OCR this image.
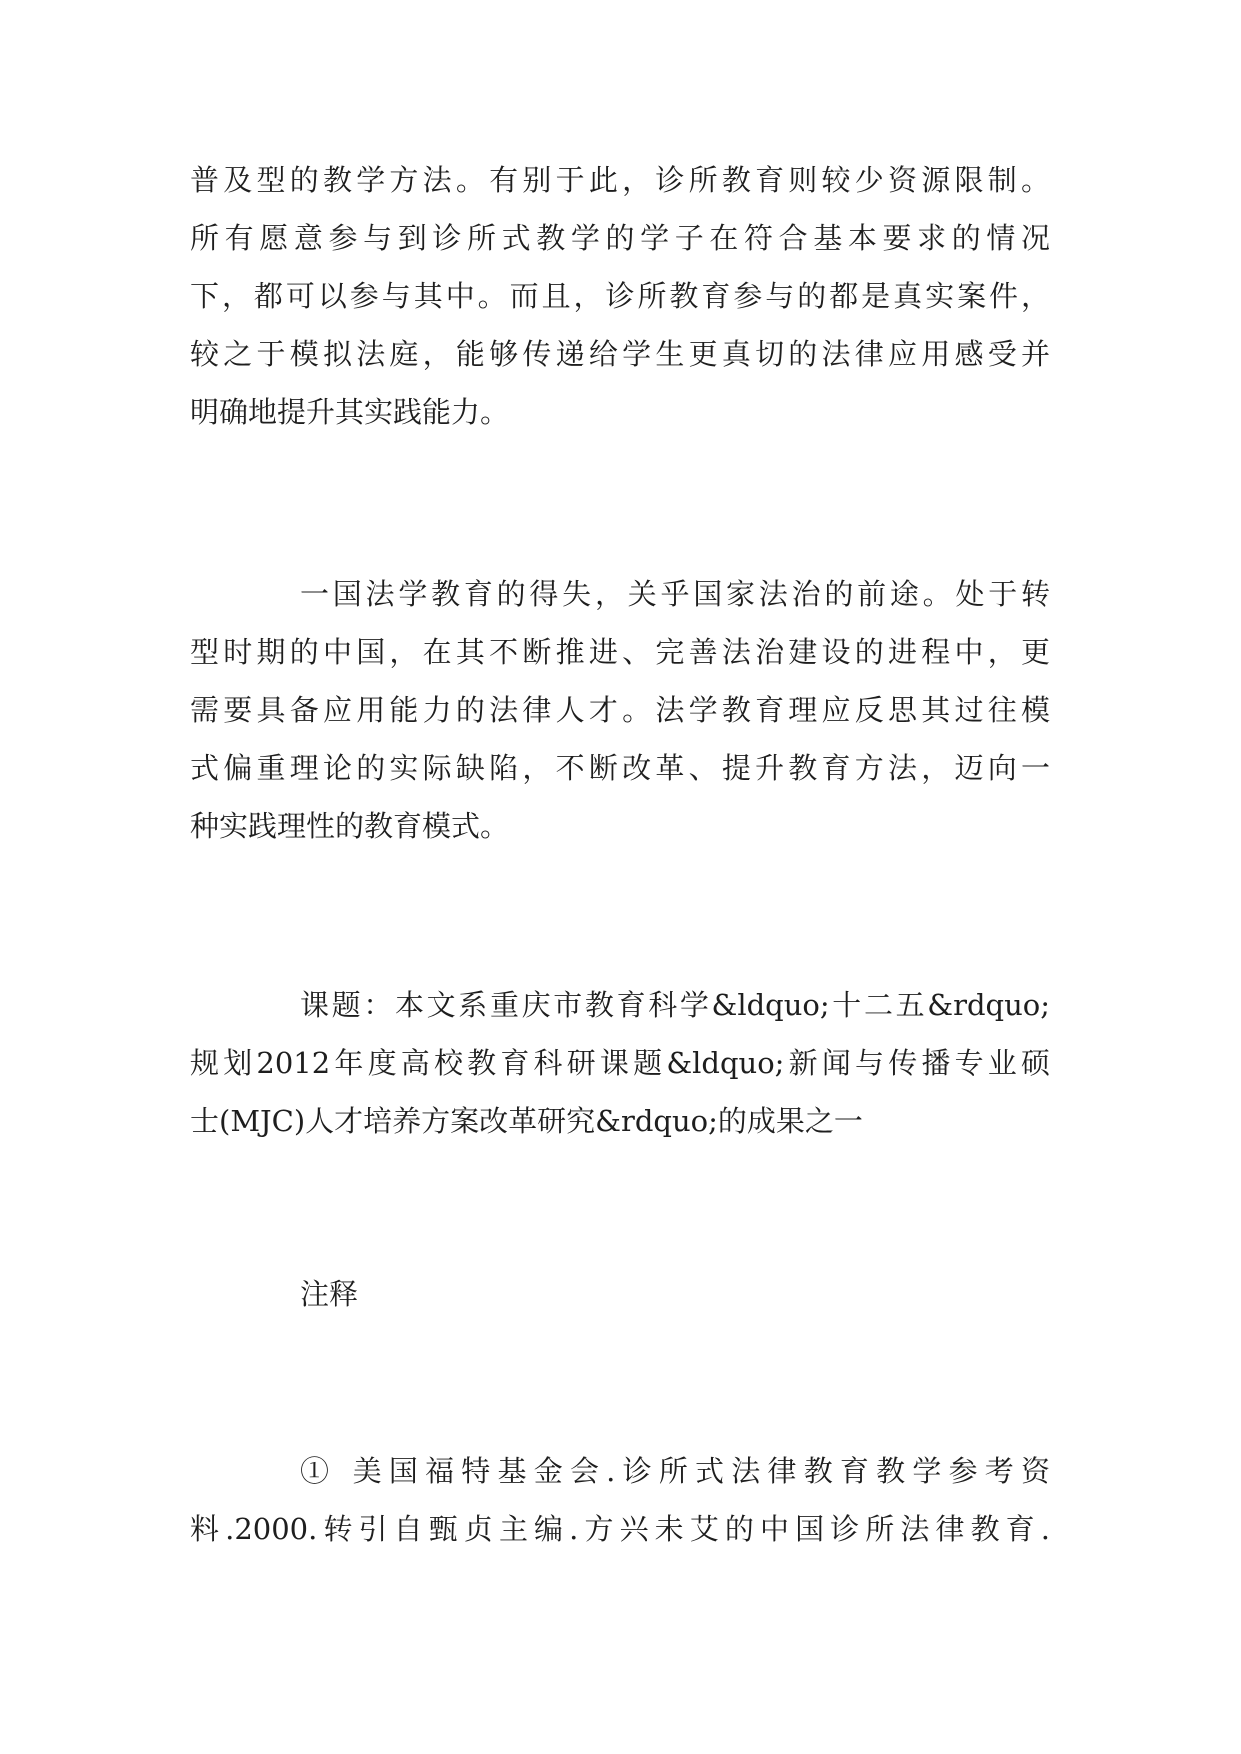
普及型的教学方法。有别于此，诊所教育则较少资源限制。
所有愿意参与到诊所式教学的学子在符合基本要求的情况
下，都可以参与其中。而且，诊所教育参与的都是真实案件，
较之于模拟法庭，能够传递给学生更真切的法律应用感受并
明确地提升其实践能力。
一国法学教育的得失，关乎国家法治的前途。处于转
型时期的中国，在其不断推进、完善法治建设的进程中，更
需要具备应用能力的法律人才。法学教育理应反思其过往模
式偏重理论的实际缺陷，不断改革、提升教育方法，迈向一
种实践理性的教育模式。
课题：本文系重庆市教育科学&ldquo;十二五&rdquo;
规划2012年度高校教育科研课题&ldquo;新闻与传播专业硕
士(MJC)人才培养方案改革研究&rdquo;的成果之一
注释
① 美国福特基金会.诊所式法律教育教学参考资
料.2000.转引自甄贞主编.方兴未艾的中国诊所法律教育.
